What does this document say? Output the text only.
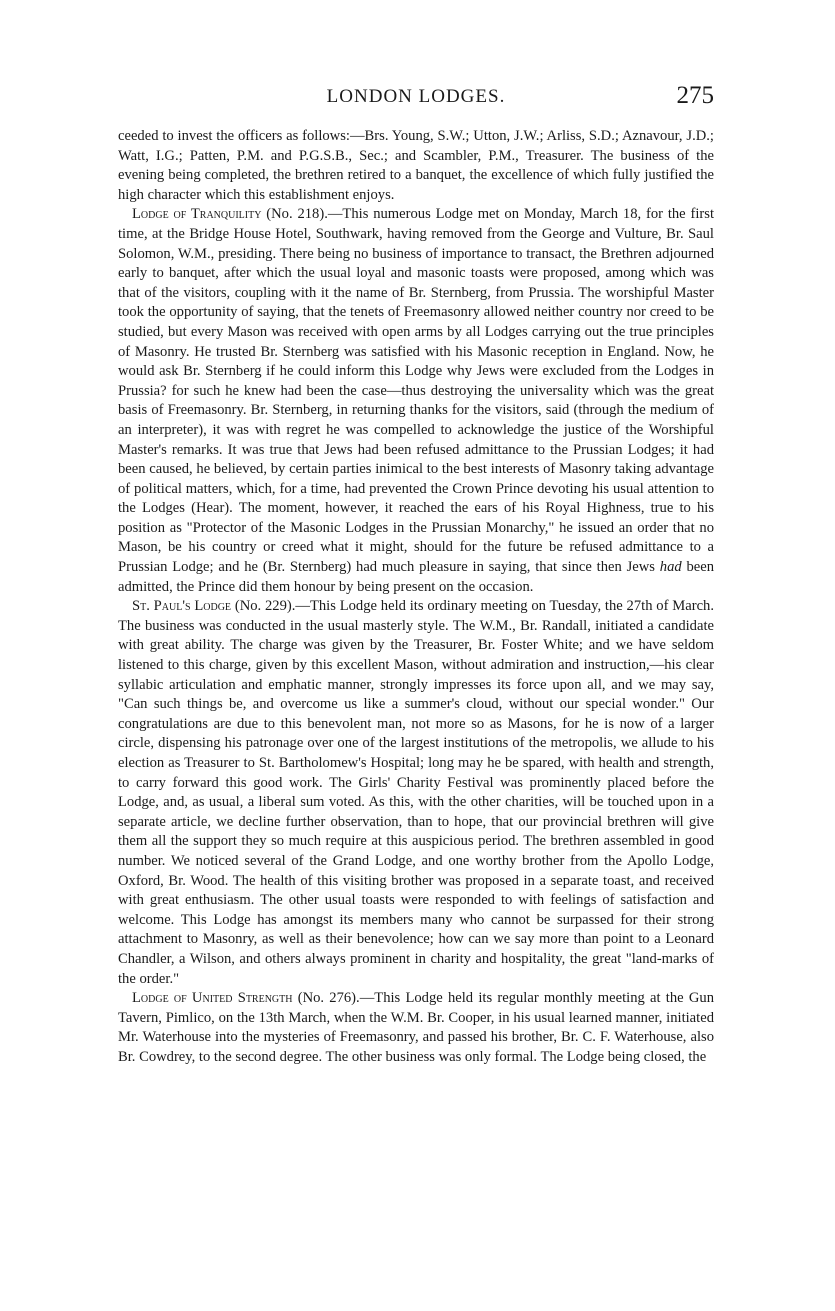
LONDON LODGES.	275

ceeded to invest the officers as follows:—Brs. Young, S.W.; Utton, J.W.; Arliss, S.D.; Aznavour, J.D.; Watt, I.G.; Patten, P.M. and P.G.S.B., Sec.; and Scambler, P.M., Treasurer. The business of the evening being completed, the brethren retired to a banquet, the excellence of which fully justified the high character which this establishment enjoys.

Lodge of Tranquility (No. 218).—This numerous Lodge met on Monday, March 18, for the first time, at the Bridge House Hotel, Southwark, having removed from the George and Vulture, Br. Saul Solomon, W.M., presiding. There being no business of importance to transact, the Brethren adjourned early to banquet, after which the usual loyal and masonic toasts were proposed, among which was that of the visitors, coupling with it the name of Br. Sternberg, from Prussia. The worshipful Master took the opportunity of saying, that the tenets of Freemasonry allowed neither country nor creed to be studied, but every Mason was received with open arms by all Lodges carrying out the true principles of Masonry. He trusted Br. Sternberg was satisfied with his Masonic reception in England. Now, he would ask Br. Sternberg if he could inform this Lodge why Jews were excluded from the Lodges in Prussia? for such he knew had been the case—thus destroying the universality which was the great basis of Freemasonry. Br. Sternberg, in returning thanks for the visitors, said (through the medium of an interpreter), it was with regret he was compelled to acknowledge the justice of the Worshipful Master's remarks. It was true that Jews had been refused admittance to the Prussian Lodges; it had been caused, he believed, by certain parties inimical to the best interests of Masonry taking advantage of political matters, which, for a time, had prevented the Crown Prince devoting his usual attention to the Lodges (Hear). The moment, however, it reached the ears of his Royal Highness, true to his position as "Protector of the Masonic Lodges in the Prussian Monarchy," he issued an order that no Mason, be his country or creed what it might, should for the future be refused admittance to a Prussian Lodge; and he (Br. Sternberg) had much pleasure in saying, that since then Jews had been admitted, the Prince did them honour by being present on the occasion.

St. Paul's Lodge (No. 229).—This Lodge held its ordinary meeting on Tuesday, the 27th of March. The business was conducted in the usual masterly style. The W.M., Br. Randall, initiated a candidate with great ability. The charge was given by the Treasurer, Br. Foster White; and we have seldom listened to this charge, given by this excellent Mason, without admiration and instruction,—his clear syllabic articulation and emphatic manner, strongly impresses its force upon all, and we may say, "Can such things be, and overcome us like a summer's cloud, without our special wonder." Our congratulations are due to this benevolent man, not more so as Masons, for he is now of a larger circle, dispensing his patronage over one of the largest institutions of the metropolis, we allude to his election as Treasurer to St. Bartholomew's Hospital; long may he be spared, with health and strength, to carry forward this good work. The Girls' Charity Festival was prominently placed before the Lodge, and, as usual, a liberal sum voted. As this, with the other charities, will be touched upon in a separate article, we decline further observation, than to hope, that our provincial brethren will give them all the support they so much require at this auspicious period. The brethren assembled in good number. We noticed several of the Grand Lodge, and one worthy brother from the Apollo Lodge, Oxford, Br. Wood. The health of this visiting brother was proposed in a separate toast, and received with great enthusiasm. The other usual toasts were responded to with feelings of satisfaction and welcome. This Lodge has amongst its members many who cannot be surpassed for their strong attachment to Masonry, as well as their benevolence; how can we say more than point to a Leonard Chandler, a Wilson, and others always prominent in charity and hospitality, the great "land-marks of the order."

Lodge of United Strength (No. 276).—This Lodge held its regular monthly meeting at the Gun Tavern, Pimlico, on the 13th March, when the W.M. Br. Cooper, in his usual learned manner, initiated Mr. Waterhouse into the mysteries of Freemasonry, and passed his brother, Br. C. F. Waterhouse, also Br. Cowdrey, to the second degree. The other business was only formal. The Lodge being closed, the
